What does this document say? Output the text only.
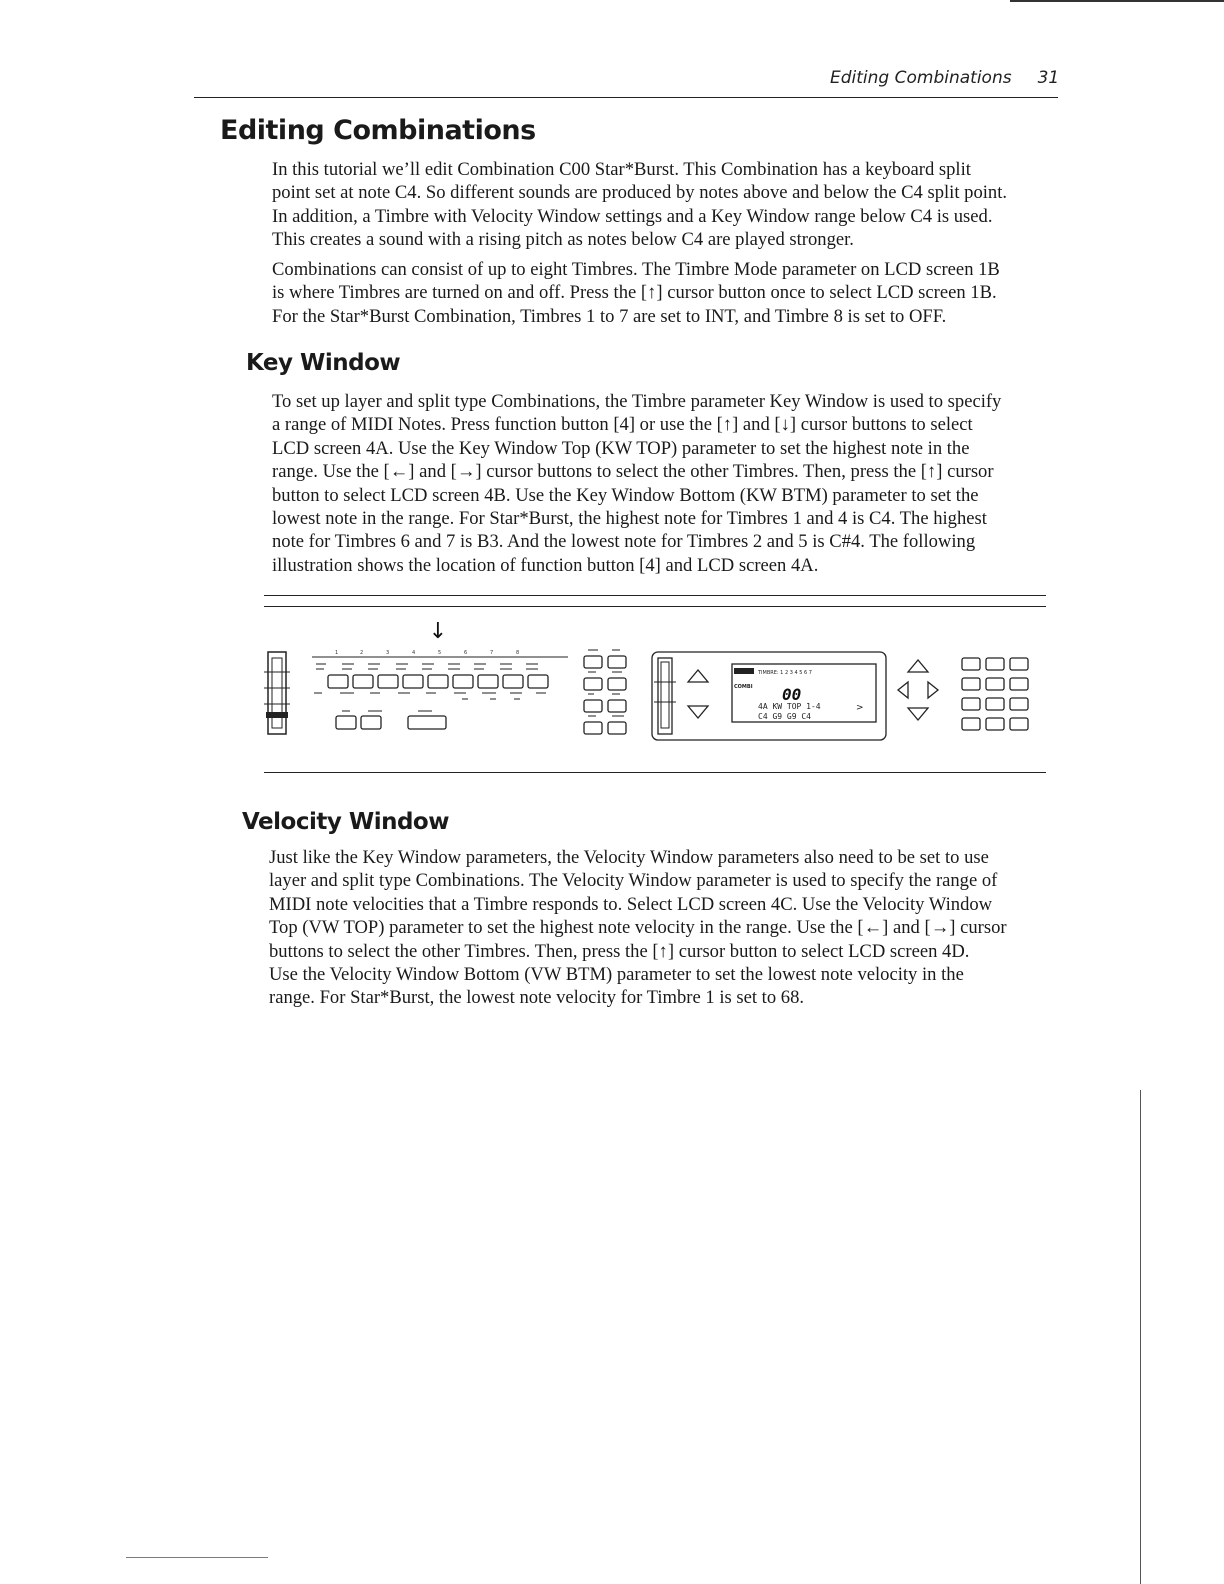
Editing Combinations 31
Editing Combinations

In this tutorial we’ll edit Combination C00 Star*Burst. This Combination has a keyboard split
point set at note C4. So different sounds are produced by notes above and below the C4 split point.
In addition, a Timbre with Velocity Window settings and a Key Window range below C4 is used.
This creates a sound with a rising pitch as notes below C4 are played stronger.

Combinations can consist of up to eight Timbres. The Timbre Mode parameter on LCD screen 1B
is where Timbres are turned on and off. Press the [↑] cursor button once to select LCD screen 1B.
For the Star*Burst Combination, Timbres 1 to 7 are set to INT, and Timbre 8 is set to OFF.

Key Window

To set up layer and split type Combinations, the Timbre parameter Key Window is used to specify
a range of MIDI Notes. Press function button [4] or use the [↑] and [↓] cursor buttons to select
LCD screen 4A. Use the Key Window Top (KW TOP) parameter to set the highest note in the
range. Use the [←] and [→] cursor buttons to select the other Timbres. Then, press the [↑] cursor
button to select LCD screen 4B. Use the Key Window Bottom (KW BTM) parameter to set the
lowest note in the range. For Star*Burst, the highest note for Timbres 1 and 4 is C4. The highest
note for Timbres 6 and 7 is B3. And the lowest note for Timbres 2 and 5 is C#4. The following
illustration shows the location of function button [4] and LCD screen 4A.

↓
1	2	3	4	5	6	7	8
TIMBRE: 1 2 3 4 5 6 7
COMBI 00
4A KW TOP 1-4
C4 G9 G9 C4
>
Velocity Window

Just like the Key Window parameters, the Velocity Window parameters also need to be set to use
layer and split type Combinations. The Velocity Window parameter is used to specify the range of
MIDI note velocities that a Timbre responds to. Select LCD screen 4C. Use the Velocity Window
Top (VW TOP) parameter to set the highest note velocity in the range. Use the [←] and [→] cursor
buttons to select the other Timbres. Then, press the [↑] cursor button to select LCD screen 4D.
Use the Velocity Window Bottom (VW BTM) parameter to set the lowest note velocity in the
range. For Star*Burst, the lowest note velocity for Timbre 1 is set to 68.
